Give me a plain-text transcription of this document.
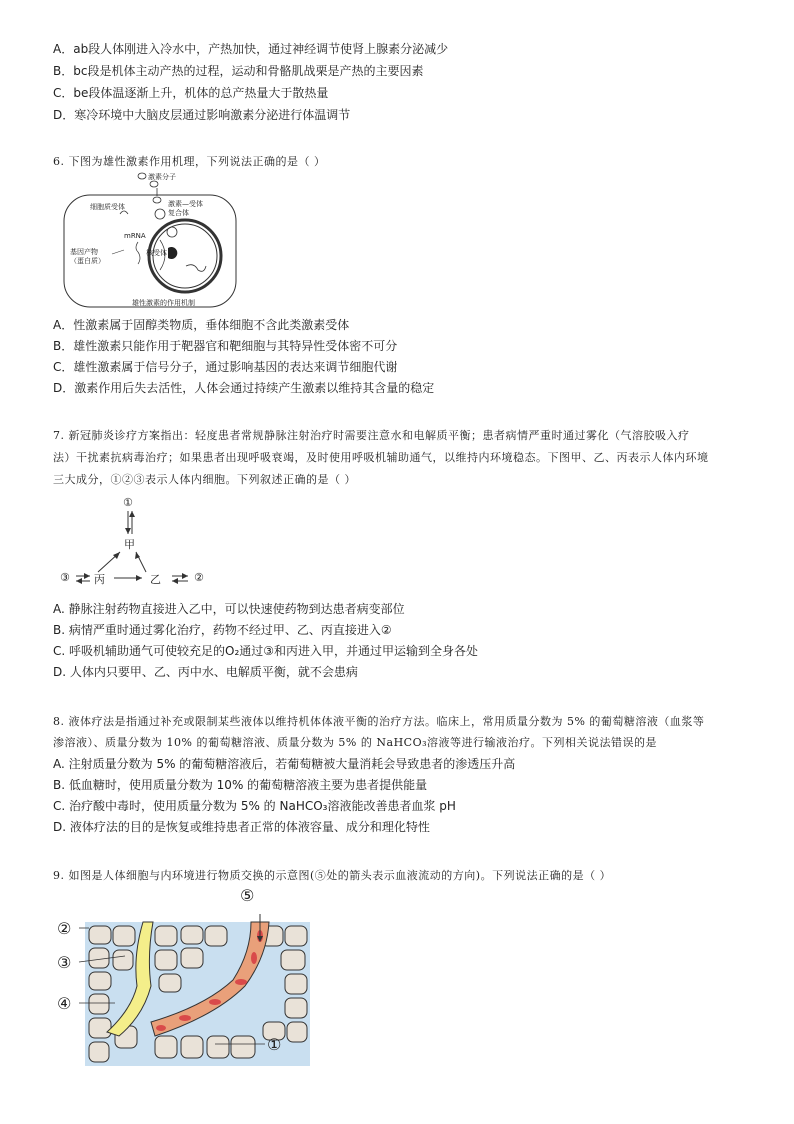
A．ab段人体刚进入冷水中，产热加快，通过神经调节使肾上腺素分泌减少
B．bc段是机体主动产热的过程，运动和骨骼肌战栗是产热的主要因素
C．be段体温逐渐上升，机体的总产热量大于散热量
D．寒冷环境中大脑皮层通过影响激素分泌进行体温调节
6. 下图为雄性激素作用机理，下列说法正确的是（ ）
激素分子
细胞质受体	激素—受体复合体
mRNA
基因产物（蛋白质）
核受体
雄性激素的作用机制
A．性激素属于固醇类物质，垂体细胞不含此类激素受体
B．雄性激素只能作用于靶器官和靶细胞与其特异性受体密不可分
C．雄性激素属于信号分子，通过影响基因的表达来调节细胞代谢
D．激素作用后失去活性，人体会通过持续产生激素以维持其含量的稳定
7. 新冠肺炎诊疗方案指出：轻度患者常规静脉注射治疗时需要注意水和电解质平衡；患者病情严重时通过雾化（气溶胶吸入疗
法）干扰素抗病毒治疗；如果患者出现呼吸衰竭，及时使用呼吸机辅助通气，以维持内环境稳态。下图甲、乙、丙表示人体内环境
三大成分，①②③表示人体内细胞。下列叙述正确的是（ ）
①
甲
③ 丙	乙	②
A. 静脉注射药物直接进入乙中，可以快速使药物到达患者病变部位
B. 病情严重时通过雾化治疗，药物不经过甲、乙、丙直接进入②
C. 呼吸机辅助通气可使较充足的O₂通过③和丙进入甲，并通过甲运输到全身各处
D. 人体内只要甲、乙、丙中水、电解质平衡，就不会患病
8. 液体疗法是指通过补充或限制某些液体以维持机体体液平衡的治疗方法。临床上，常用质量分数为 5% 的葡萄糖溶液（血浆等
渗溶液）、质量分数为 10% 的葡萄糖溶液、质量分数为 5% 的 NaHCO₃溶液等进行输液治疗。下列相关说法错误的是
A. 注射质量分数为 5% 的葡萄糖溶液后，若葡萄糖被大量消耗会导致患者的渗透压升高
B. 低血糖时，使用质量分数为 10% 的葡萄糖溶液主要为患者提供能量
C. 治疗酸中毒时，使用质量分数为 5% 的 NaHCO₃溶液能改善患者血浆 pH
D. 液体疗法的目的是恢复或维持患者正常的体液容量、成分和理化特性
9. 如图是人体细胞与内环境进行物质交换的示意图(⑤处的箭头表示血液流动的方向)。下列说法正确的是（ ）
⑤
②
③
④
①
